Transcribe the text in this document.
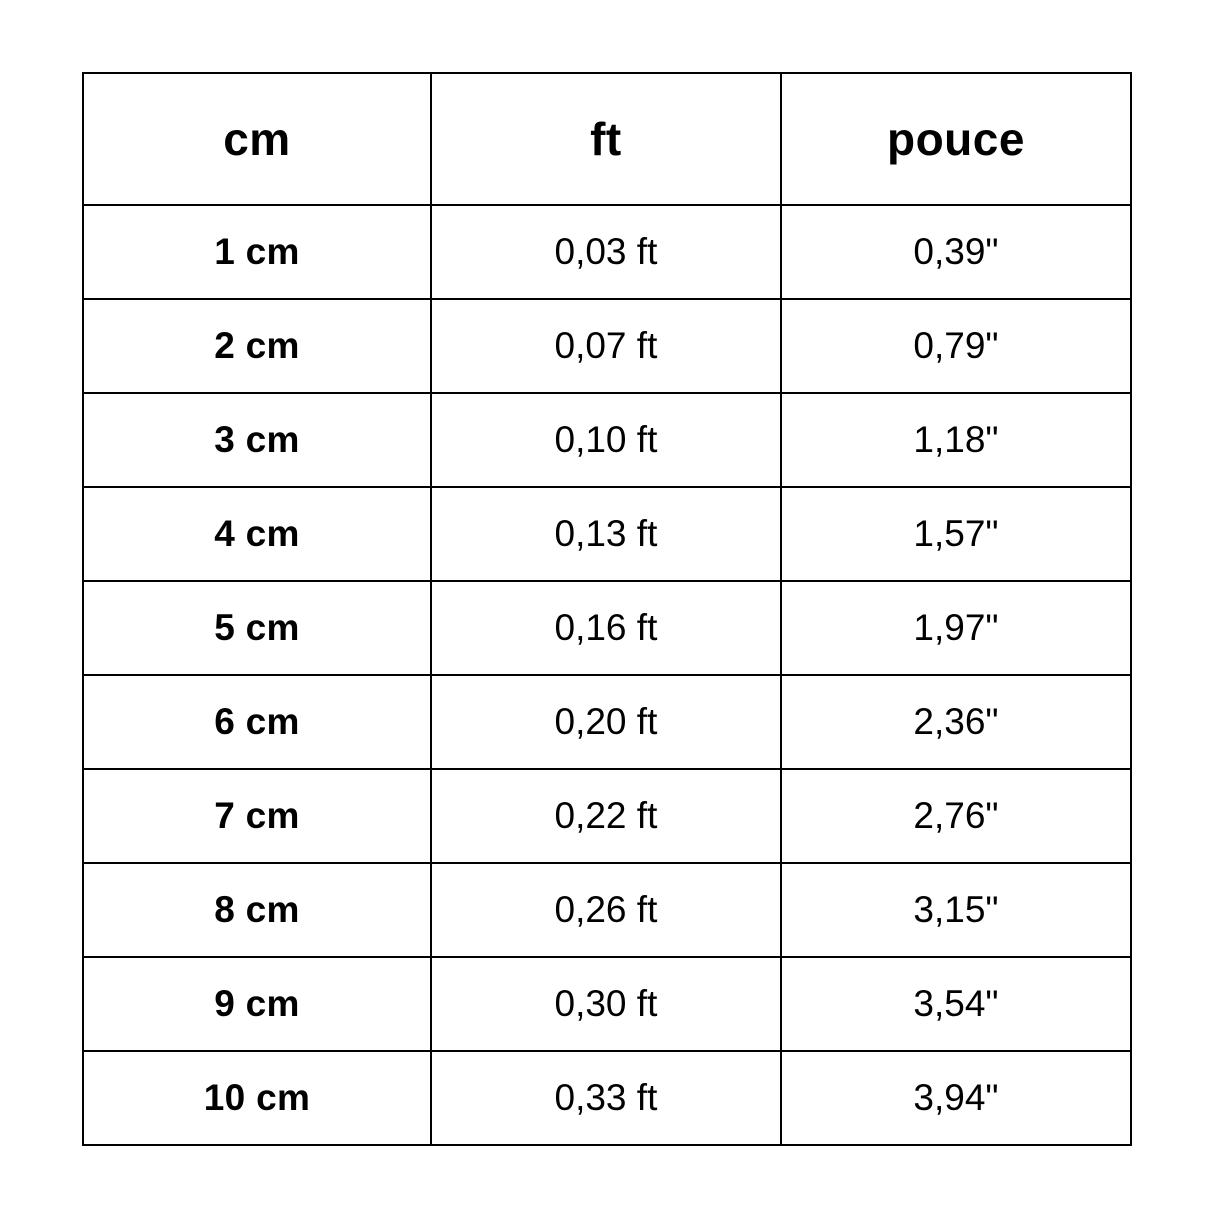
cm	ft	pouce
1 cm	0,03 ft	0,39"
2 cm	0,07 ft	0,79"
3 cm	0,10 ft	1,18"
4 cm	0,13 ft	1,57"
5 cm	0,16 ft	1,97"
6 cm	0,20 ft	2,36"
7 cm	0,22 ft	2,76"
8 cm	0,26 ft	3,15"
9 cm	0,30 ft	3,54"
10 cm	0,33 ft	3,94"
